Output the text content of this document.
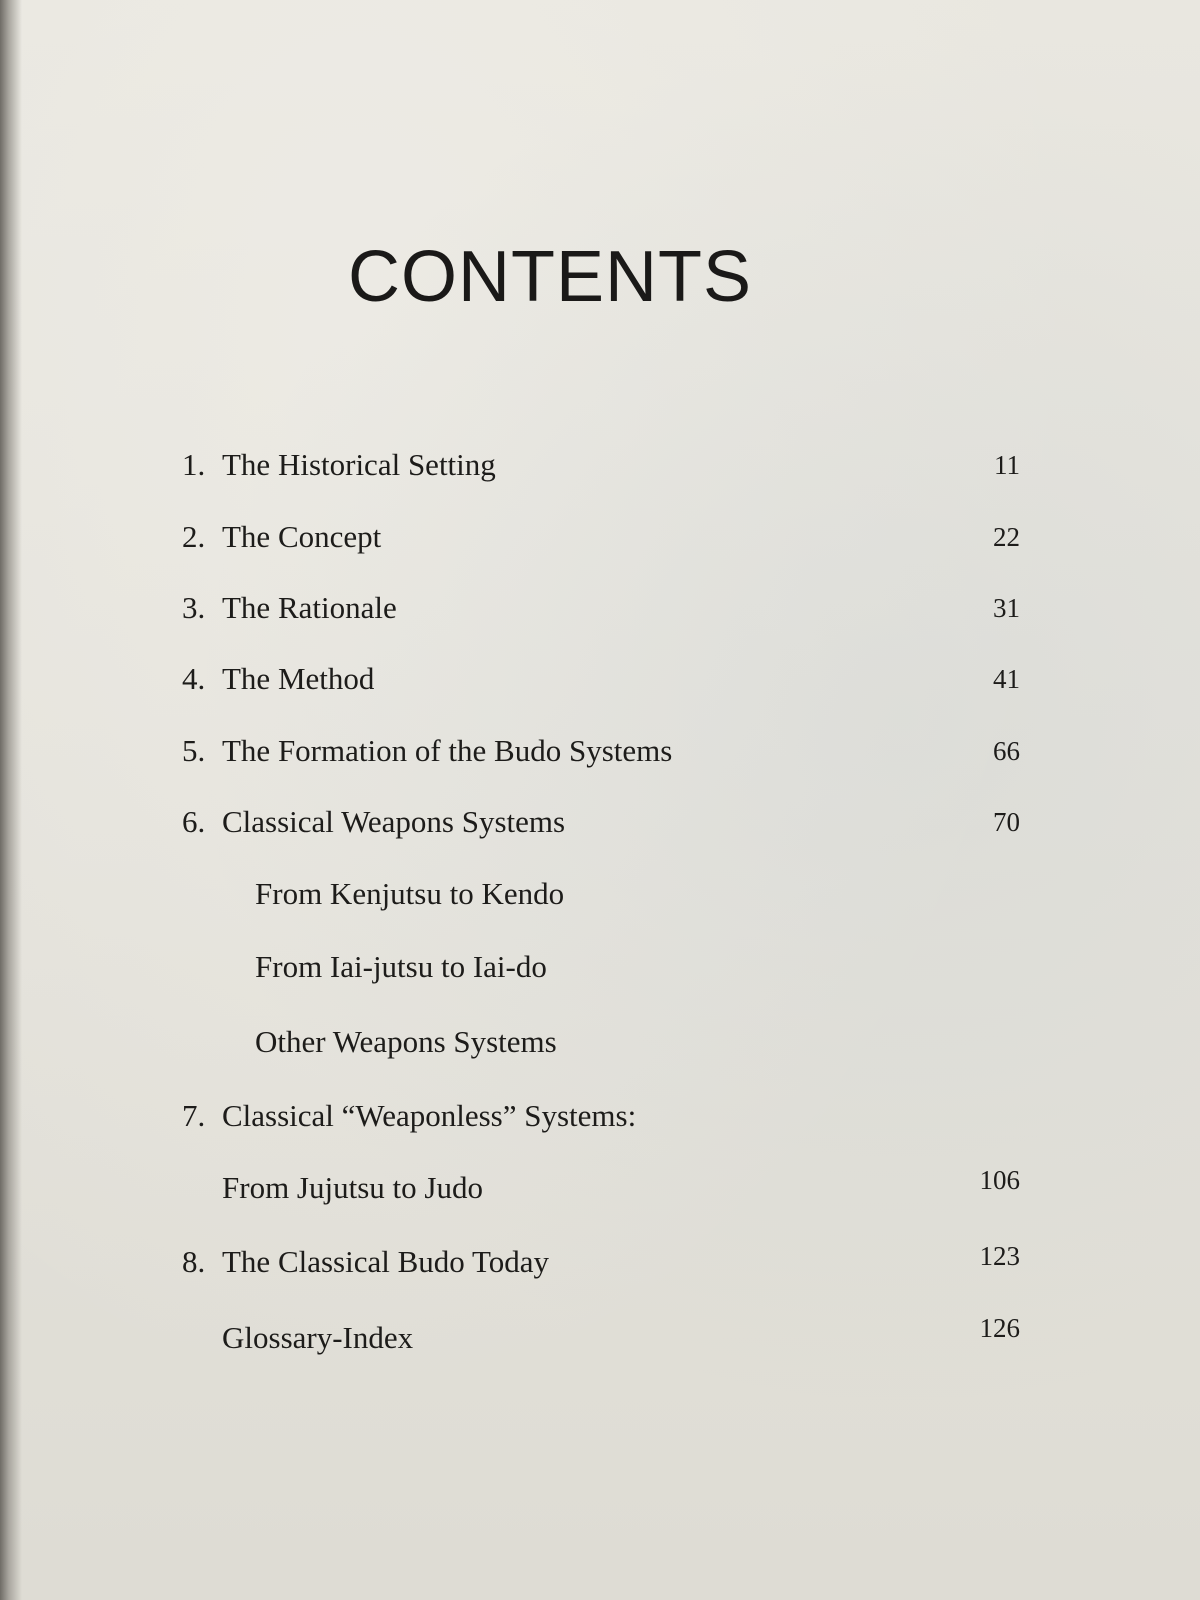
CONTENTS
1. The Historical Setting	11
2. The Concept	22
3. The Rationale	31
4. The Method	41
5. The Formation of the Budo Systems	66
6. Classical Weapons Systems	70
From Kenjutsu to Kendo
From Iai-jutsu to Iai-do
Other Weapons Systems
7. Classical “Weaponless” Systems:
From Jujutsu to Judo	106
8. The Classical Budo Today	123
Glossary-Index	126
